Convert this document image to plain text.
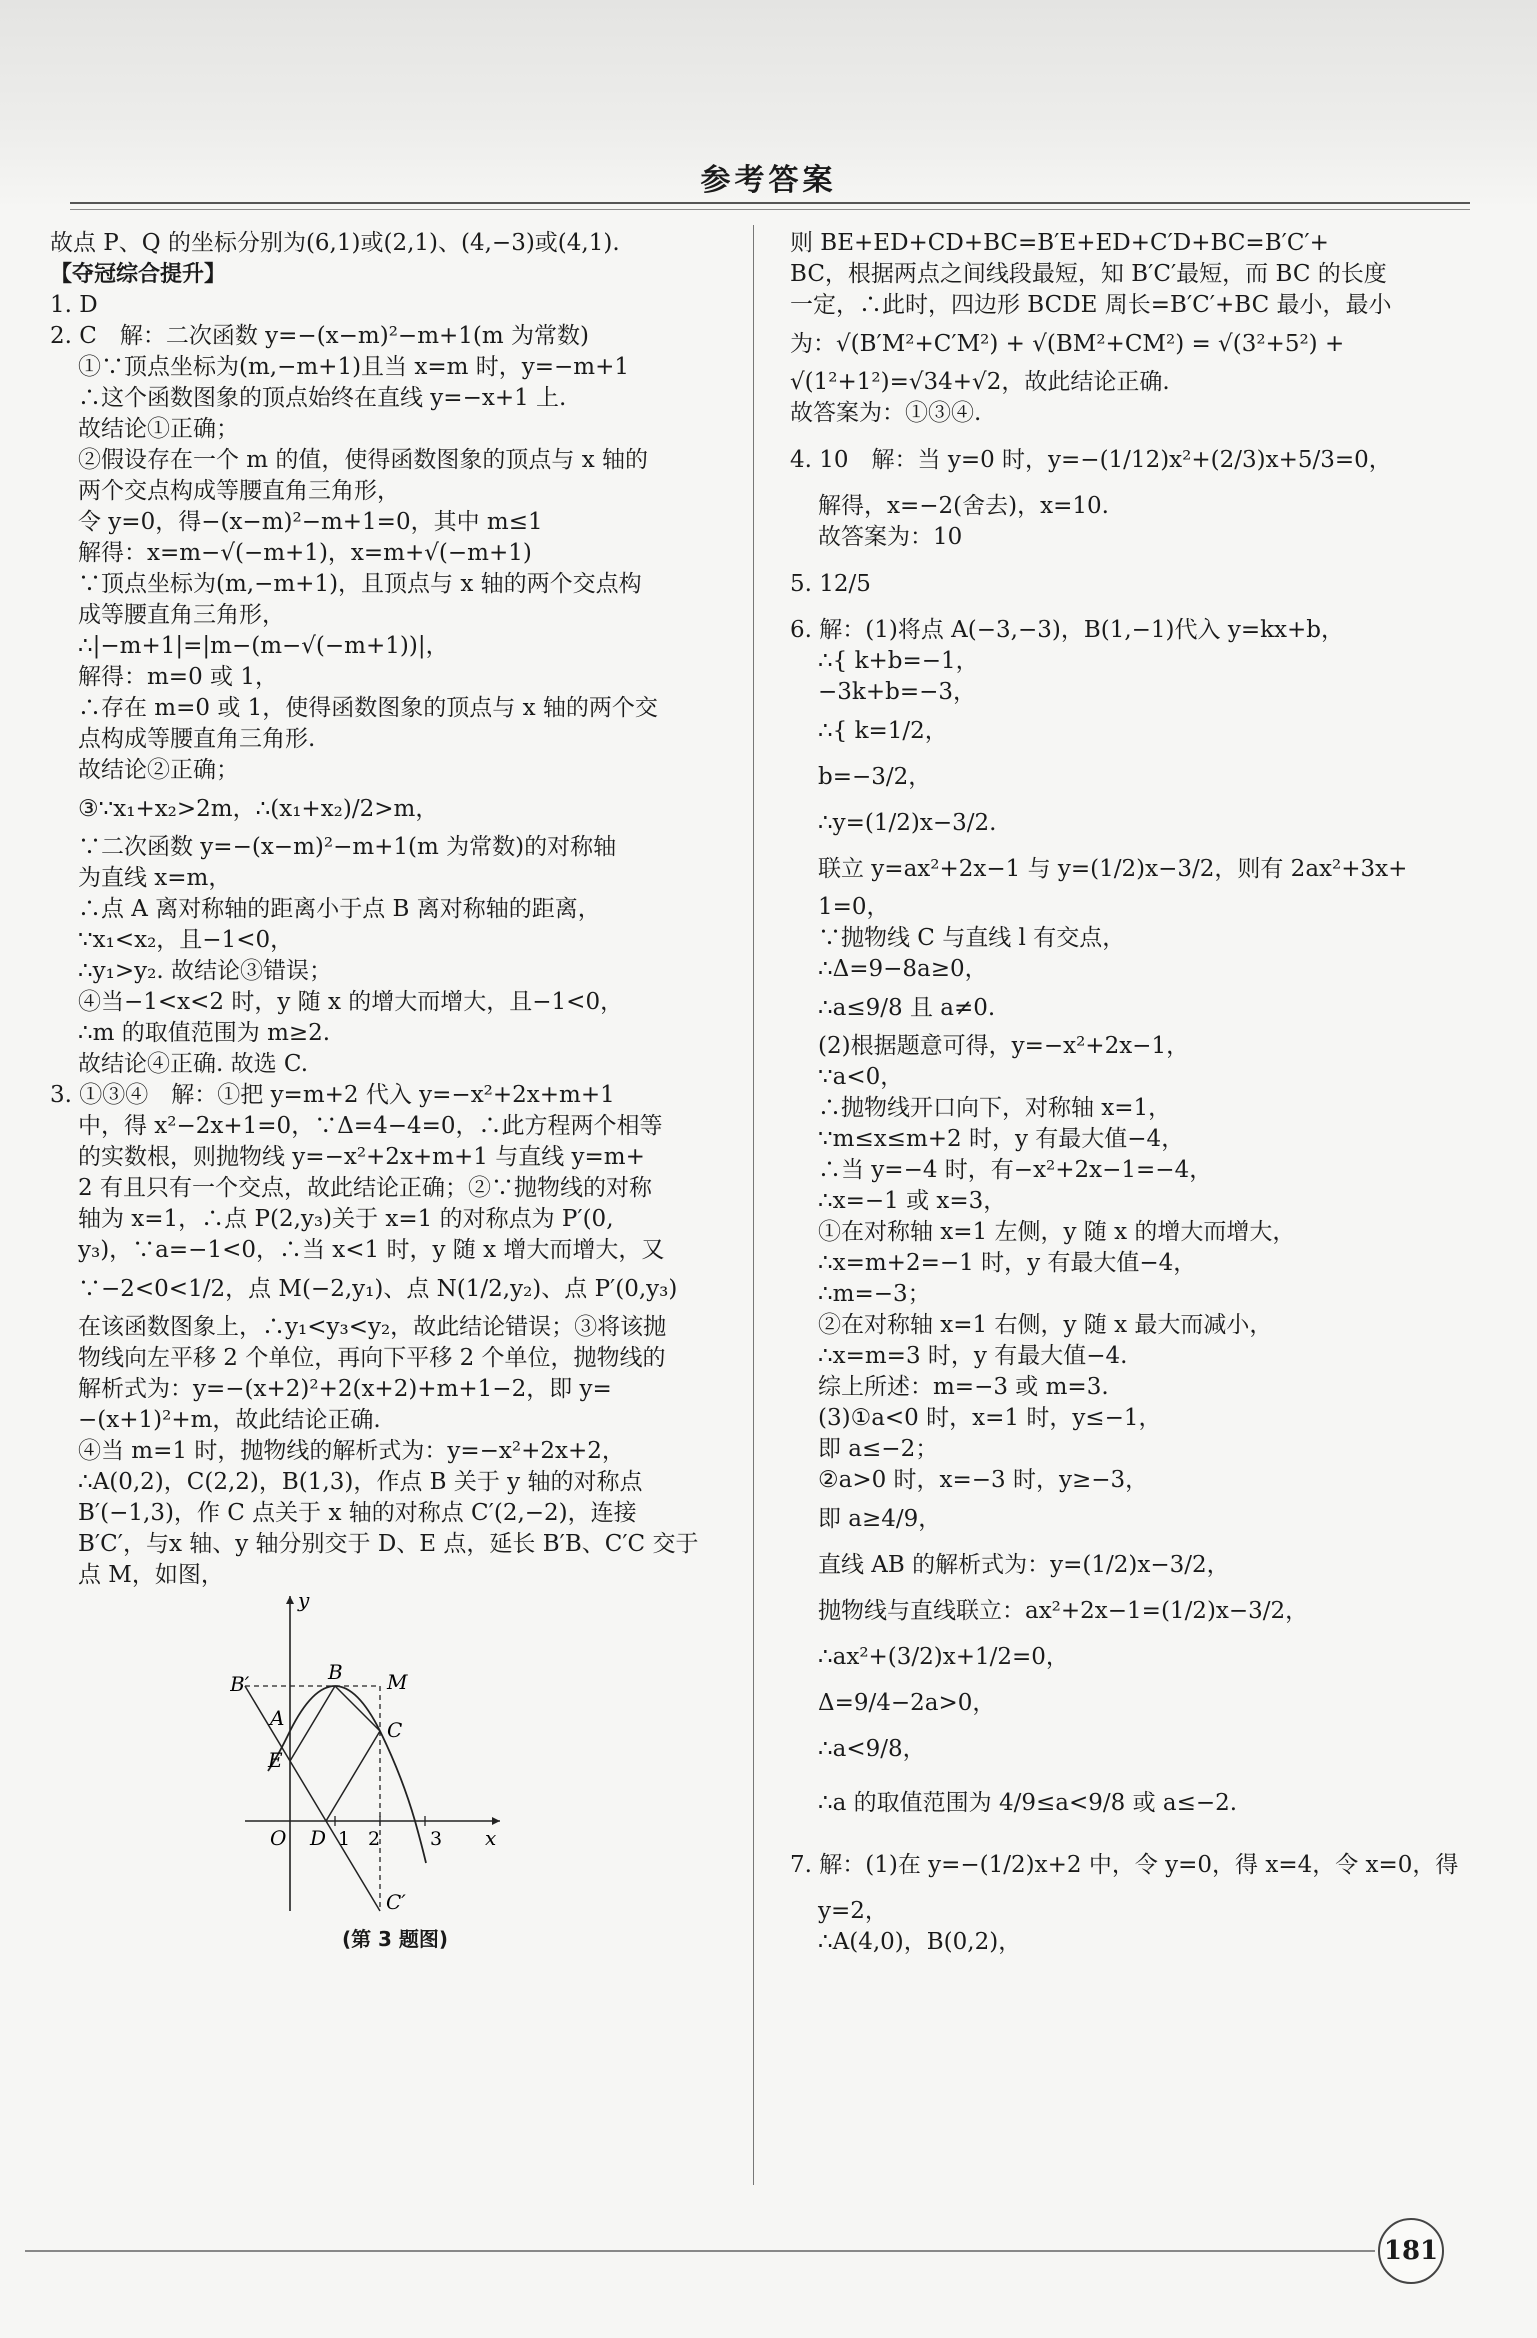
参考答案
故点 P、Q 的坐标分别为(6,1)或(2,1)、(4,−3)或(4,1).
【夺冠综合提升】
1. D
2. C　解：二次函数 y=−(x−m)²−m+1(m 为常数)
①∵顶点坐标为(m,−m+1)且当 x=m 时，y=−m+1
∴这个函数图象的顶点始终在直线 y=−x+1 上.
故结论①正确；
②假设存在一个 m 的值，使得函数图象的顶点与 x 轴的
两个交点构成等腰直角三角形，
令 y=0，得−(x−m)²−m+1=0，其中 m≤1
解得：x=m−√(−m+1)，x=m+√(−m+1)
∵顶点坐标为(m,−m+1)，且顶点与 x 轴的两个交点构
成等腰直角三角形，
∴|−m+1|=|m−(m−√(−m+1))|，
解得：m=0 或 1，
∴存在 m=0 或 1，使得函数图象的顶点与 x 轴的两个交
点构成等腰直角三角形.
故结论②正确；
③∵x₁+x₂>2m，∴(x₁+x₂)/2>m，
∵二次函数 y=−(x−m)²−m+1(m 为常数)的对称轴
为直线 x=m，
∴点 A 离对称轴的距离小于点 B 离对称轴的距离，
∵x₁<x₂，且−1<0，
∴y₁>y₂. 故结论③错误；
④当−1<x<2 时，y 随 x 的增大而增大，且−1<0，
∴m 的取值范围为 m≥2.
故结论④正确. 故选 C.
3. ①③④　解：①把 y=m+2 代入 y=−x²+2x+m+1
中，得 x²−2x+1=0，∵Δ=4−4=0，∴此方程两个相等
的实数根，则抛物线 y=−x²+2x+m+1 与直线 y=m+
2 有且只有一个交点，故此结论正确；②∵抛物线的对称
轴为 x=1，∴点 P(2,y₃)关于 x=1 的对称点为 P′(0,
y₃)，∵a=−1<0，∴当 x<1 时，y 随 x 增大而增大，又
∵−2<0<1/2，点 M(−2,y₁)、点 N(1/2,y₂)、点 P′(0,y₃)
在该函数图象上，∴y₁<y₃<y₂，故此结论错误；③将该抛
物线向左平移 2 个单位，再向下平移 2 个单位，抛物线的
解析式为：y=−(x+2)²+2(x+2)+m+1−2，即 y=
−(x+1)²+m，故此结论正确.
④当 m=1 时，抛物线的解析式为：y=−x²+2x+2，
∴A(0,2)，C(2,2)，B(1,3)，作点 B 关于 y 轴的对称点
B′(−1,3)，作 C 点关于 x 轴的对称点 C′(2,−2)，连接
B′C′，与x 轴、y 轴分别交于 D、E 点，延长 B′B、C′C 交于
点 M，如图，
y
B′	B M
A	C
E
O D 1 2	3 x
C′
(第 3 题图)
则 BE+ED+CD+BC=B′E+ED+C′D+BC=B′C′+
BC，根据两点之间线段最短，知 B′C′最短，而 BC 的长度
一定，∴此时，四边形 BCDE 周长=B′C′+BC 最小，最小
为：√(B′M²+C′M²) + √(BM²+CM²) = √(3²+5²) +
√(1²+1²)=√34+√2，故此结论正确.
故答案为：①③④.
4. 10　解：当 y=0 时，y=−(1/12)x²+(2/3)x+5/3=0，
解得，x=−2(舍去)，x=10.
故答案为：10
5. 12/5
6. 解：(1)将点 A(−3,−3)，B(1,−1)代入 y=kx+b，
∴{ k+b=−1，
−3k+b=−3，
∴{ k=1/2，
b=−3/2，
∴y=(1/2)x−3/2.
联立 y=ax²+2x−1 与 y=(1/2)x−3/2，则有 2ax²+3x+
1=0，
∵抛物线 C 与直线 l 有交点，
∴Δ=9−8a≥0，
∴a≤9/8 且 a≠0.
(2)根据题意可得，y=−x²+2x−1，
∵a<0，
∴抛物线开口向下，对称轴 x=1，
∵m≤x≤m+2 时，y 有最大值−4，
∴当 y=−4 时，有−x²+2x−1=−4，
∴x=−1 或 x=3，
①在对称轴 x=1 左侧，y 随 x 的增大而增大，
∴x=m+2=−1 时，y 有最大值−4，
∴m=−3；
②在对称轴 x=1 右侧，y 随 x 最大而减小，
∴x=m=3 时，y 有最大值−4.
综上所述：m=−3 或 m=3.
(3)①a<0 时，x=1 时，y≤−1，
即 a≤−2；
②a>0 时，x=−3 时，y≥−3，
即 a≥4/9，
直线 AB 的解析式为：y=(1/2)x−3/2，
抛物线与直线联立：ax²+2x−1=(1/2)x−3/2，
∴ax²+(3/2)x+1/2=0，
Δ=9/4−2a>0，
∴a<9/8，
∴a 的取值范围为 4/9≤a<9/8 或 a≤−2.
7. 解：(1)在 y=−(1/2)x+2 中，令 y=0，得 x=4，令 x=0，得
y=2，
∴A(4,0)，B(0,2)，
181
